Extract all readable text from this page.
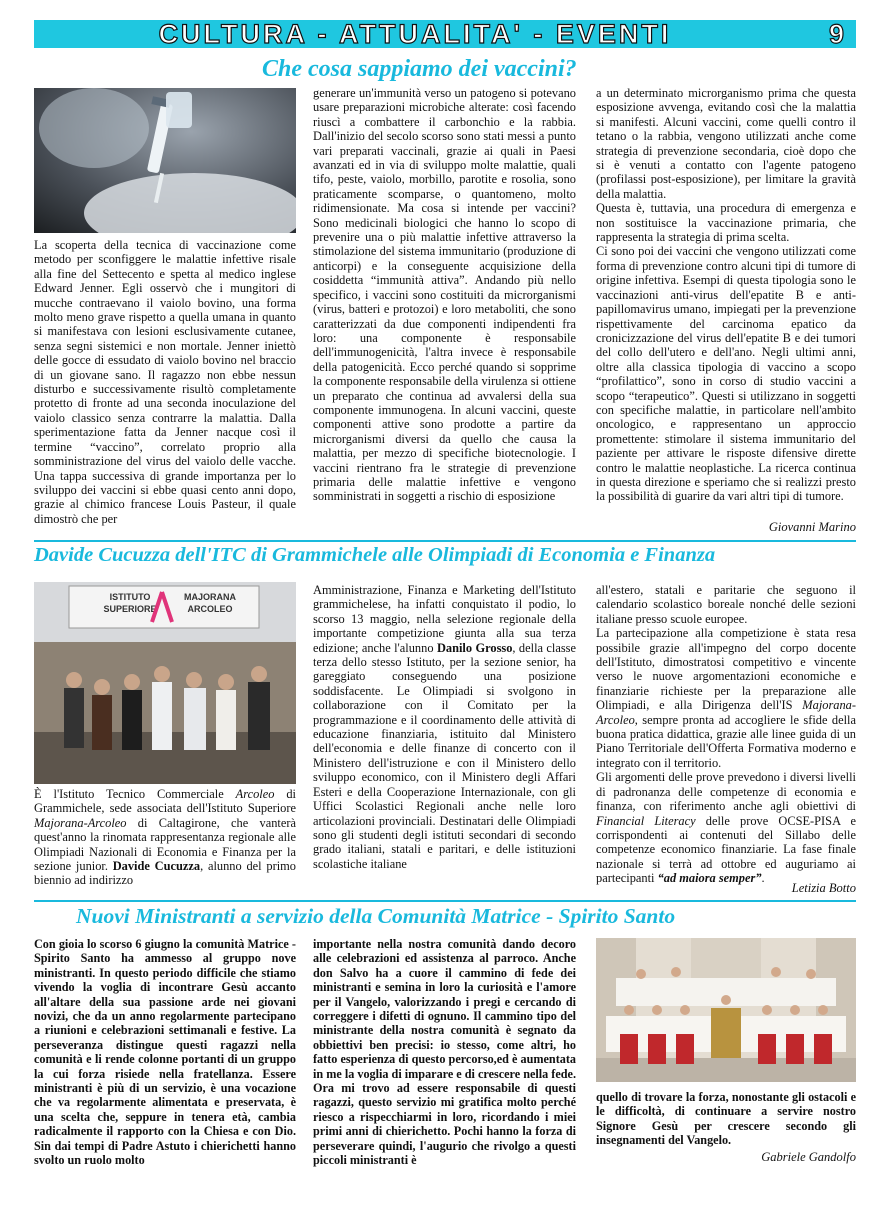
CULTURA - ATTUALITA' - EVENTI	9
Che cosa sappiamo dei vaccini?

La scoperta della tecnica di vaccinazione come metodo per sconfiggere le malattie infettive risale alla fine del Settecento e spetta al medico inglese Edward Jenner. Egli osservò che i mungitori di mucche contraevano il vaiolo bovino, una forma molto meno grave rispetto a quella umana in quanto si manifestava con lesioni esclusivamente cutanee, senza segni sistemici e non mortale. Jenner iniettò delle gocce di essudato di vaiolo bovino nel braccio di un giovane sano. Il ragazzo non ebbe nessun disturbo e successivamente risultò completamente protetto di fronte ad una seconda inoculazione del vaiolo classico senza contrarre la malattia. Dalla sperimentazione fatta da Jenner nacque così il termine “vaccino”, correlato proprio alla somministrazione del virus del vaiolo delle vacche. Una tappa successiva di grande importanza per lo sviluppo dei vaccini si ebbe quasi cento anni dopo, grazie al chimico francese Louis Pasteur, il quale dimostrò che per

generare un'immunità verso un patogeno si potevano usare preparazioni microbiche alterate: così facendo riuscì a combattere il carbonchio e la rabbia. Dall'inizio del secolo scorso sono stati messi a punto vari preparati vaccinali, grazie ai quali in Paesi avanzati ed in via di sviluppo molte malattie, quali tifo, peste, vaiolo, morbillo, parotite e rosolia, sono praticamente scomparse, o quantomeno, molto ridimensionate. Ma cosa si intende per vaccini? Sono medicinali biologici che hanno lo scopo di prevenire una o più malattie infettive attraverso la stimolazione del sistema immunitario (produzione di anticorpi) e la conseguente acquisizione della cosiddetta “immunità attiva”. Andando più nello specifico, i vaccini sono costituiti da microrganismi (virus, batteri e protozoi) e loro metaboliti, che sono caratterizzati da due componenti indipendenti fra loro: una componente è responsabile dell'immunogenicità, l'altra invece è responsabile della patogenicità. Ecco perché quando si sopprime la componente responsabile della virulenza si ottiene un preparato che continua ad avvalersi della sua componente immunogena. In alcuni vaccini, queste componenti attive sono prodotte a partire da microrganismi diversi da quello che causa la malattia, per mezzo di specifiche biotecnologie. I vaccini rientrano fra le strategie di prevenzione primaria delle malattie infettive e vengono somministrati in soggetti a rischio di esposizione

a un determinato microrganismo prima che questa esposizione avvenga, evitando così che la malattia si manifesti. Alcuni vaccini, come quelli contro il tetano o la rabbia, vengono utilizzati anche come strategia di prevenzione secondaria, cioè dopo che si è venuti a contatto con l'agente patogeno (profilassi post-esposizione), per limitare la gravità della malattia.

Questa è, tuttavia, una procedura di emergenza e non sostituisce la vaccinazione primaria, che rappresenta la strategia di prima scelta.

Ci sono poi dei vaccini che vengono utilizzati come forma di prevenzione contro alcuni tipi di tumore di origine infettiva. Esempi di questa tipologia sono le vaccinazioni anti-virus dell'epatite B e anti-papillomavirus umano, impiegati per la prevenzione rispettivamente del carcinoma epatico da cronicizzazione del virus dell'epatite B e dei tumori del collo dell'utero e dell'ano. Negli ultimi anni, oltre alla classica tipologia di vaccino a scopo “profilattico”, sono in corso di studio vaccini a scopo “terapeutico”. Questi si utilizzano in soggetti con specifiche malattie, in particolare nell'ambito oncologico, e rappresentano un approccio promettente: stimolare il sistema immunitario del paziente per attivare le risposte difensive dirette contro le malattie neoplastiche. La ricerca continua in questa direzione e speriamo che si realizzi presto la possibilità di guarire da vari altri tipi di tumore.

Giovanni Marino
Davide Cucuzza dell'ITC di Grammichele alle Olimpiadi di Economia e Finanza
ISTITUTO
SUPERIORE
MAJORANA
ARCOLEO

È l'Istituto Tecnico Commerciale Arcoleo di Grammichele, sede associata dell'Istituto Superiore Majorana-Arcoleo di Caltagirone, che vanterà quest'anno la rinomata rappresentanza regionale alle Olimpiadi Nazionali di Economia e Finanza per la sezione junior. Davide Cucuzza, alunno del primo biennio ad indirizzo

Amministrazione, Finanza e Marketing dell'Istituto grammichelese, ha infatti conquistato il podio, lo scorso 13 maggio, nella selezione regionale della importante competizione giunta alla sua terza edizione; anche l'alunno Danilo Grosso, della classe terza dello stesso Istituto, per la sezione senior, ha gareggiato conseguendo una posizione soddisfacente. Le Olimpiadi si svolgono in collaborazione con il Comitato per la programmazione e il coordinamento delle attività di educazione finanziaria, istituito dal Ministero dell'economia e delle finanze di concerto con il Ministero dell'istruzione e con il Ministero dello sviluppo economico, con il Ministero degli Affari Esteri e della Cooperazione Internazionale, con gli Uffici Scolastici Regionali anche nelle loro articolazioni provinciali. Destinatari delle Olimpiadi sono gli studenti degli istituti secondari di secondo grado italiani, statali e paritari, e delle istituzioni scolastiche italiane

all'estero, statali e paritarie che seguono il calendario scolastico boreale nonché delle sezioni italiane presso scuole europee.

La partecipazione alla competizione è stata resa possibile grazie all'impegno del corpo docente dell'Istituto, dimostratosi competitivo e vincente verso le nuove argomentazioni economiche e finanziarie richieste per la preparazione alle Olimpiadi, e alla Dirigenza dell'IS Majorana-Arcoleo, sempre pronta ad accogliere le sfide della buona pratica didattica, grazie alle linee guida di un Piano Territoriale dell'Offerta Formativa moderno e integrato con il territorio.

Gli argomenti delle prove prevedono i diversi livelli di padronanza delle competenze di economia e finanza, con riferimento anche agli obiettivi di Financial Literacy delle prove OCSE-PISA e corrispondenti ai contenuti del Sillabo delle competenze economico finanziarie. La fase finale nazionale si terrà ad ottobre ed auguriamo ai partecipanti “ad maiora semper”.

Letizia Botto
Nuovi Ministranti a servizio della Comunità Matrice - Spirito Santo

Con gioia lo scorso 6 giugno la comunità Matrice - Spirito Santo ha ammesso al gruppo nove ministranti. In questo periodo difficile che stiamo vivendo la voglia di incontrare Gesù accanto all'altare della sua passione arde nei giovani novizi, che da un anno regolarmente partecipano a riunioni e celebrazioni settimanali e festive. La perseveranza distingue questi ragazzi nella comunità e li rende colonne portanti di un gruppo la cui forza risiede nella fratellanza. Essere ministranti è più di un servizio, è una vocazione che va regolarmente alimentata e preservata, è una scelta che, seppure in tenera età, cambia radicalmente il rapporto con la Chiesa e con Dio. Sin dai tempi di Padre Astuto i chierichetti hanno svolto un ruolo molto

importante nella nostra comunità dando decoro alle celebrazioni ed assistenza al parroco. Anche don Salvo ha a cuore il cammino di fede dei ministranti e semina in loro la curiosità e l'amore per il Vangelo, valorizzando i pregi e cercando di correggere i difetti di ognuno. Il cammino tipo del ministrante della nostra comunità è segnato da obbiettivi ben precisi: io stesso, come altri, ho fatto esperienza di questo percorso,ed è aumentata in me la voglia di imparare e di crescere nella fede. Ora mi trovo ad essere responsabile di questi ragazzi, questo servizio mi gratifica molto perché riesco a rispecchiarmi in loro, ricordando i miei primi anni di chierichetto. Pochi hanno la forza di perseverare quindi, l'augurio che rivolgo a questi piccoli ministranti è

quello di trovare la forza, nonostante gli ostacoli e le difficoltà, di continuare a servire nostro Signore Gesù per crescere secondo gli insegnamenti del Vangelo.

Gabriele Gandolfo
